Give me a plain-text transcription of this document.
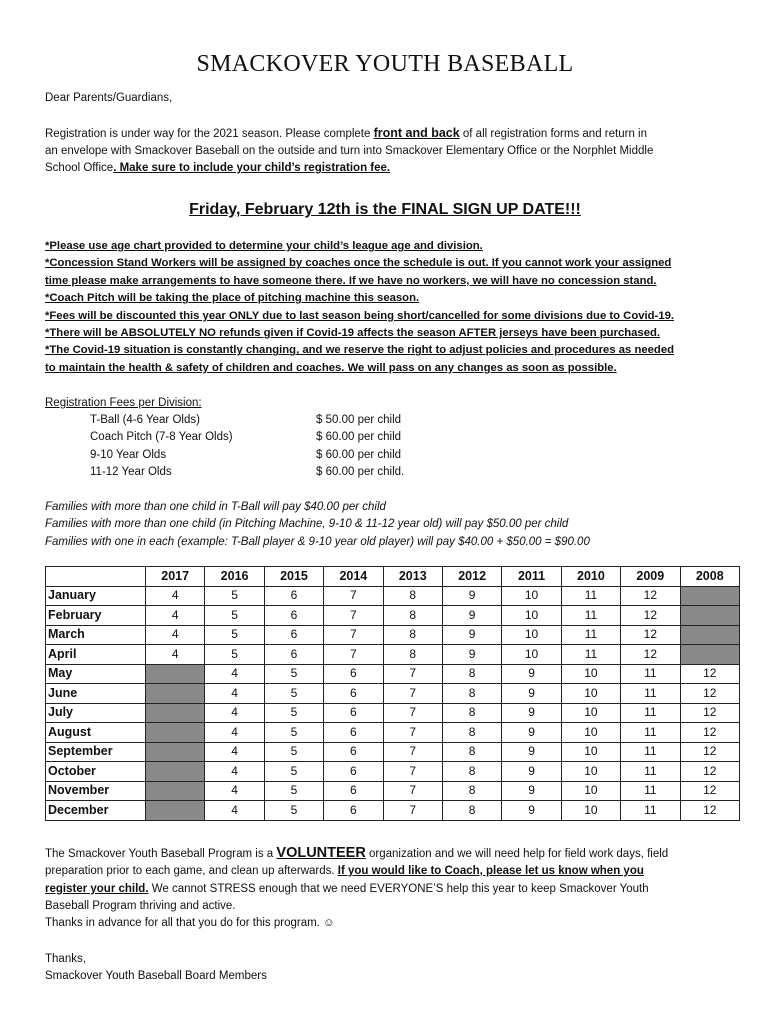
SMACKOVER YOUTH BASEBALL
Dear Parents/Guardians,
Registration is under way for the 2021 season. Please complete front and back of all registration forms and return in
an envelope with Smackover Baseball on the outside and turn into Smackover Elementary Office or the Norphlet Middle
School Office. Make sure to include your child’s registration fee.
Friday, February 12th is the FINAL SIGN UP DATE!!!
*Please use age chart provided to determine your child’s league age and division.
*Concession Stand Workers will be assigned by coaches once the schedule is out. If you cannot work your assigned
time please make arrangements to have someone there. If we have no workers, we will have no concession stand.
*Coach Pitch will be taking the place of pitching machine this season.
*Fees will be discounted this year ONLY due to last season being short/cancelled for some divisions due to Covid-19.
*There will be ABSOLUTELY NO refunds given if Covid-19 affects the season AFTER jerseys have been purchased.
*The Covid-19 situation is constantly changing, and we reserve the right to adjust policies and procedures as needed
to maintain the health & safety of children and coaches. We will pass on any changes as soon as possible.
Registration Fees per Division:
T-Ball (4-6 Year Olds)	$ 50.00 per child
Coach Pitch (7-8 Year Olds)	$ 60.00 per child
9-10 Year Olds	$ 60.00 per child
11-12 Year Olds	$ 60.00 per child.
Families with more than one child in T-Ball will pay $40.00 per child
Families with more than one child (in Pitching Machine, 9-10 & 11-12 year old) will pay $50.00 per child
Families with one in each (example: T-Ball player & 9-10 year old player) will pay $40.00 + $50.00 = $90.00
	2017	2016	2015	2014	2013	2012	2011	2010	2009	2008
January	4	5	6	7	8	9	10	11	12	
February	4	5	6	7	8	9	10	11	12	
March	4	5	6	7	8	9	10	11	12	
April	4	5	6	7	8	9	10	11	12	
May		4	5	6	7	8	9	10	11	12
June		4	5	6	7	8	9	10	11	12
July		4	5	6	7	8	9	10	11	12
August		4	5	6	7	8	9	10	11	12
September		4	5	6	7	8	9	10	11	12
October		4	5	6	7	8	9	10	11	12
November		4	5	6	7	8	9	10	11	12
December		4	5	6	7	8	9	10	11	12
The Smackover Youth Baseball Program is a VOLUNTEER organization and we will need help for field work days, field
preparation prior to each game, and clean up afterwards. If you would like to Coach, please let us know when you
register your child. We cannot STRESS enough that we need EVERYONE’S help this year to keep Smackover Youth
Baseball Program thriving and active.
Thanks in advance for all that you do for this program. ☺
Thanks,
Smackover Youth Baseball Board Members
